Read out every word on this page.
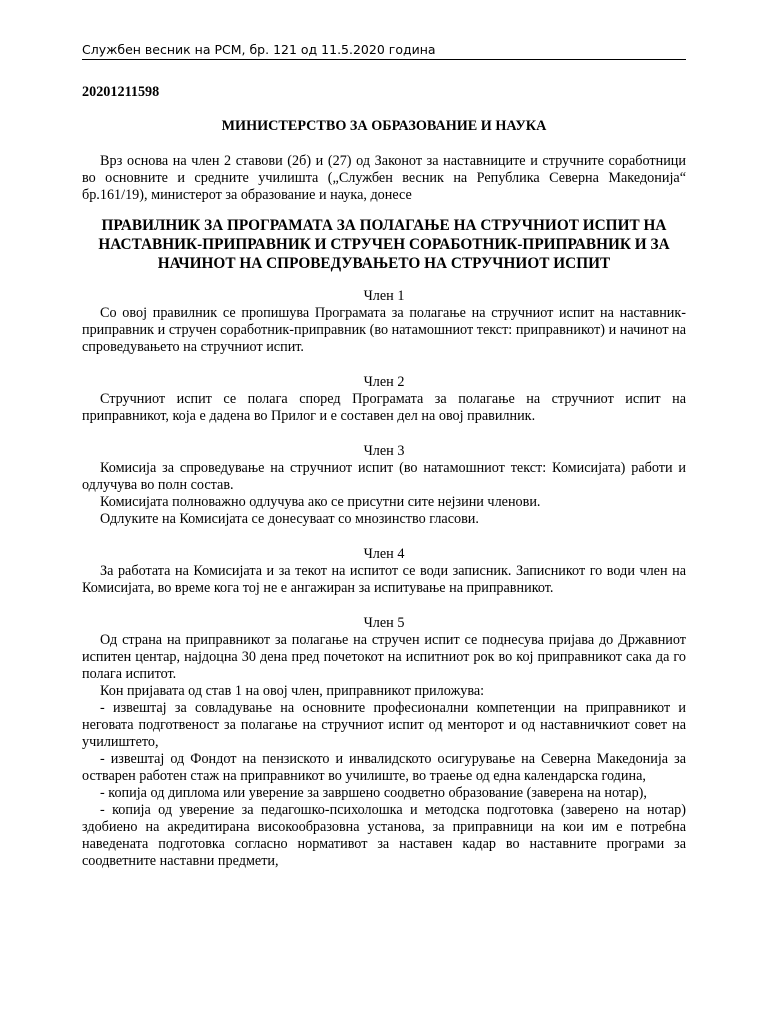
Службен весник на РСМ, бр. 121 од 11.5.2020 година
20201211598
МИНИСТЕРСТВО ЗА ОБРАЗОВАНИЕ И НАУКА

Врз основа на член 2 ставови (2б) и (27) од Законот за наставниците и стручните соработници во основните и средните училишта („Службен весник на Република Северна Македонија“ бр.161/19), министерот за образование и наука, донесе

ПРАВИЛНИК ЗА ПРОГРАМАТА ЗА ПОЛАГАЊЕ НА СТРУЧНИОТ ИСПИТ НА НАСТАВНИК-ПРИПРАВНИК И СТРУЧЕН СОРАБОТНИК-ПРИПРАВНИК И ЗА НАЧИНОТ НА СПРОВЕДУВАЊЕТО НА СТРУЧНИОТ ИСПИТ
Член 1

Со овој правилник се пропишува Програмата за полагање на стручниот испит на наставник-приправник и стручен соработник-приправник (во натамошниот текст: приправникот) и начинот на спроведувањето на стручниот испит.

Член 2

Стручниот испит се полага според Програмата за полагање на стручниот испит на приправникот, која е дадена во Прилог и е составен дел на овој правилник.

Член 3

Комисија за спроведување на стручниот испит (во натамошниот текст: Комисијата) работи и одлучува во полн состав.

Комисијата полноважно одлучува ако се присутни сите нејзини членови.

Одлуките на Комисијата се донесуваат со мнозинство гласови.

Член 4

За работата на Комисијата и за текот на испитот се води записник. Записникот го води член на Комисијата, во време кога тој не е ангажиран за испитување на приправникот.

Член 5

Од страна на приправникот за полагање на стручен испит се поднесува пријава до Државниот испитен центар, најдоцна 30 дена пред почетокот на испитниот рок во кој приправникот сака да го полага испитот.

Кон пријавата од став 1 на овој член, приправникот приложува:

- извештај за совладување на основните професионални компетенции на приправникот и неговата подготвеност за полагање на стручниот испит од менторот и од наставничкиот совет на училиштето,

- извештај од Фондот на пензиското и инвалидското осигурување на Северна Македонија за остварен работен стаж на приправникот во училиште, во траење од една календарска година,

- копија од диплома или уверение за завршено соодветно образование (заверена на нотар),

- копија од уверение за педагошко-психолошка и методска подготовка (заверено на нотар) здобиено на акредитирана високообразовна установа, за приправници на кои им е потребна наведената подготовка согласно нормативот за наставен кадар во наставните програми за соодветните наставни предмети,
